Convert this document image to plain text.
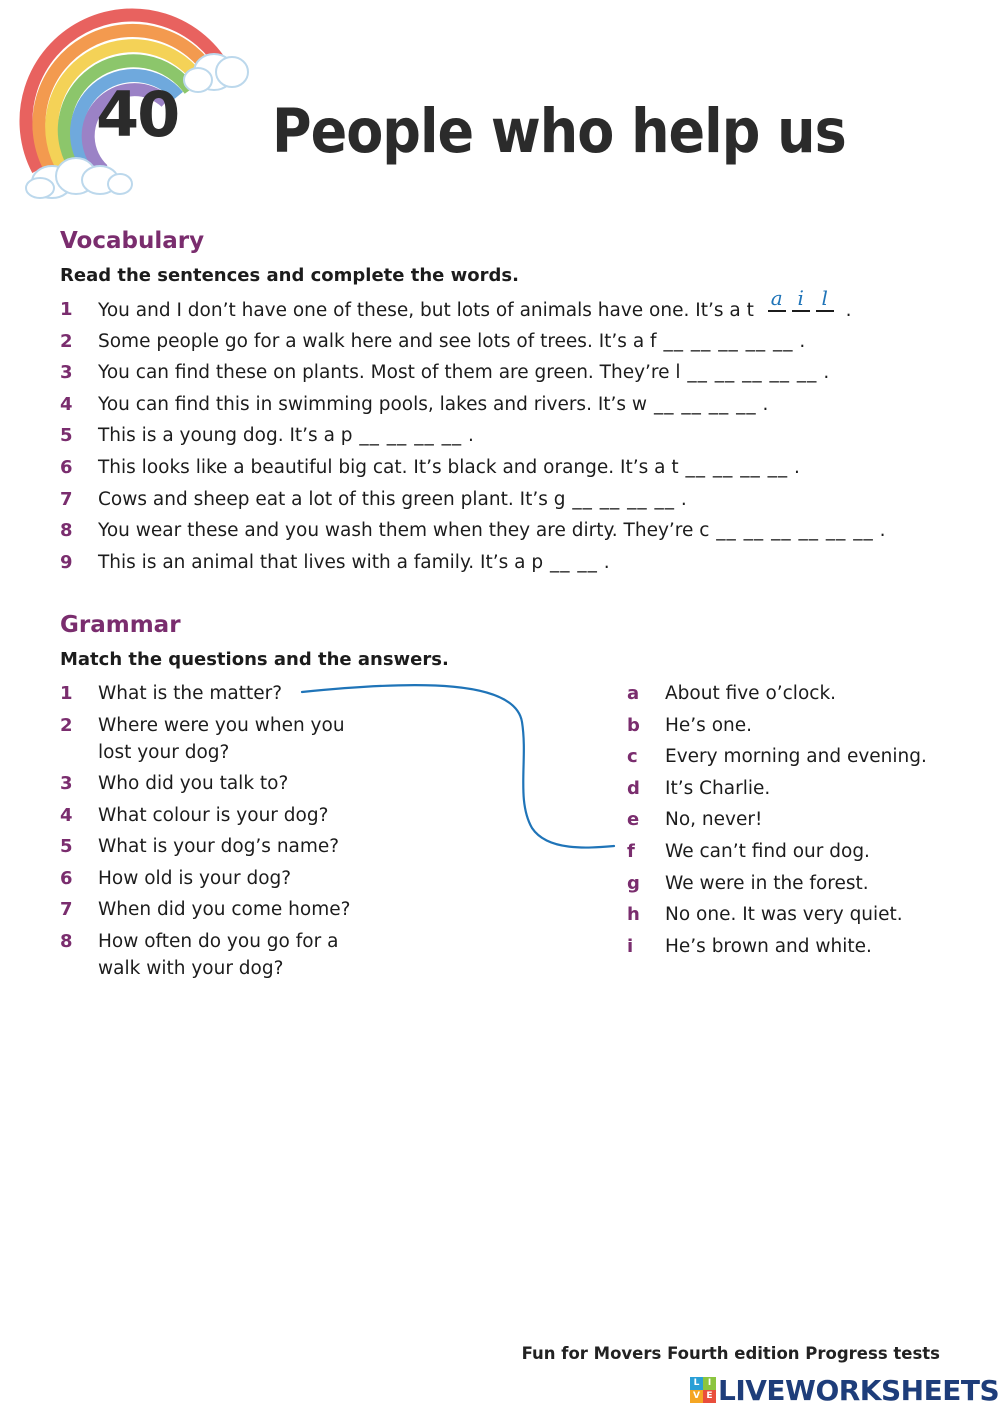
40 People who help us
Vocabulary
Read the sentences and complete the words.
1 You and I don’t have one of these, but lots of animals have one. It’s a t
a i l
.
2 Some people go for a walk here and see lots of trees. It’s a f __ __ __ __ __ .
3 You can find these on plants. Most of them are green. They’re l __ __ __ __ __ .
4 You can find this in swimming pools, lakes and rivers. It’s w __ __ __ __ .
5 This is a young dog. It’s a p __ __ __ __ .
6 This looks like a beautiful big cat. It’s black and orange. It’s a t __ __ __ __ .
7 Cows and sheep eat a lot of this green plant. It’s g __ __ __ __ .
8 You wear these and you wash them when they are dirty. They’re c __ __ __ __ __ __ .
9 This is an animal that lives with a family. It’s a p __ __ .
Grammar
Match the questions and the answers.
1 What is the matter?
2 Where were you when you lost your dog?
3 Who did you talk to?
4 What colour is your dog?
5 What is your dog’s name?
6 How old is your dog?
7 When did you come home?
8 How often do you go for a walk with your dog?
a About five o’clock.
b He’s one.
c Every morning and evening.
d It’s Charlie.
e No, never!
f We can’t find our dog.
g We were in the forest.
h No one. It was very quiet.
i He’s brown and white.
Fun for Movers Fourth edition Progress tests
L I
V E LIVEWORKSHEETS
